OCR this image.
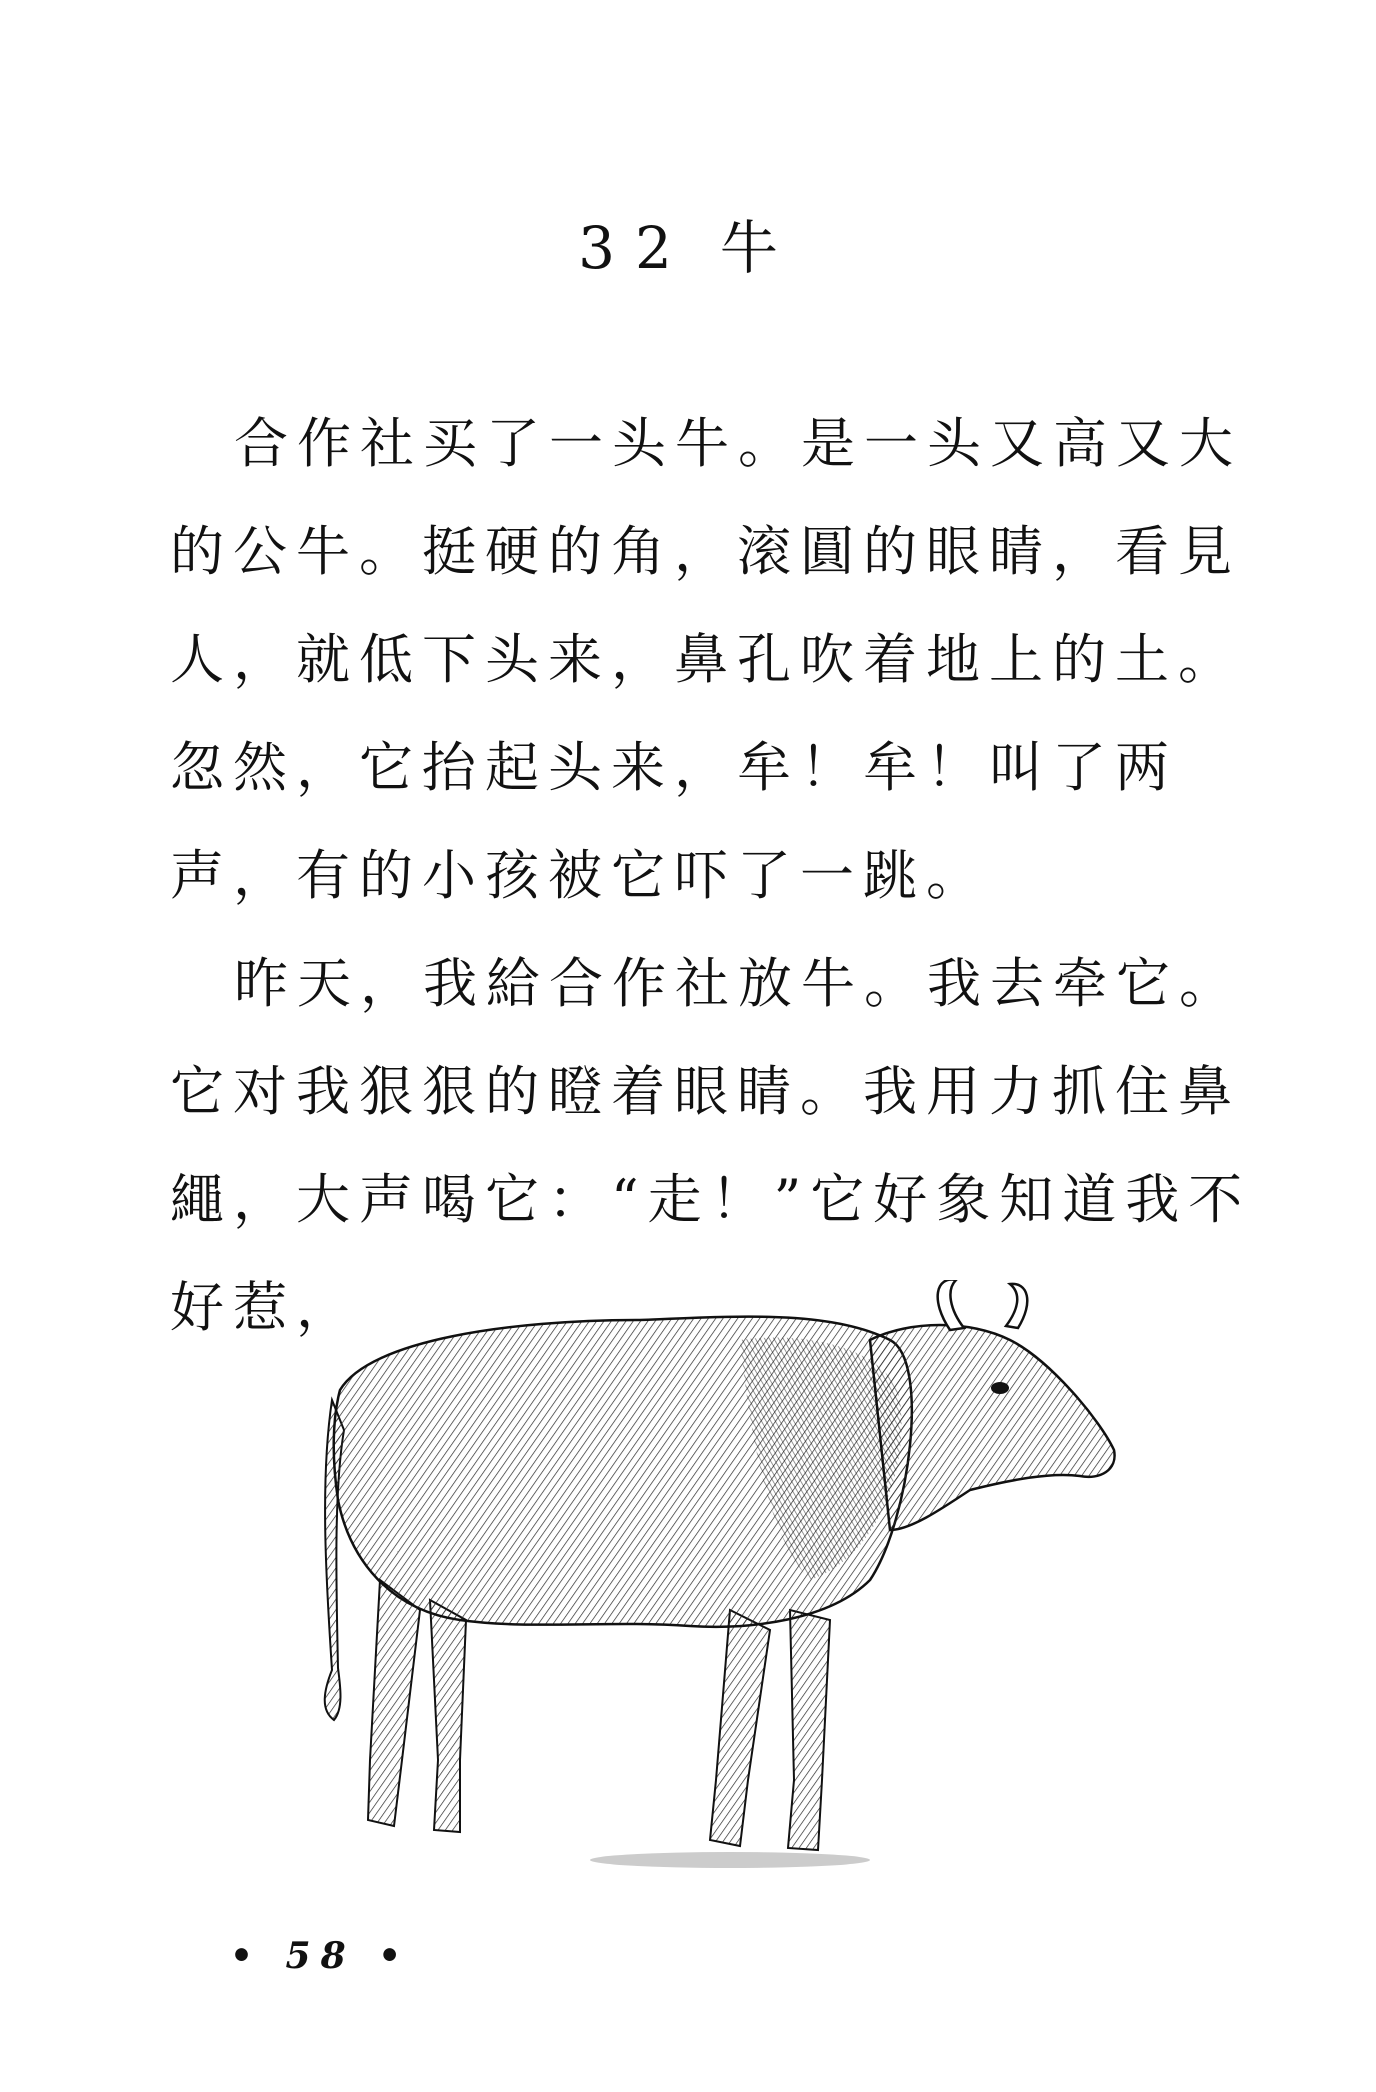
32 牛

合作社买了一头牛。是一头又高又大的公牛。挺硬的角，滚圓的眼睛，看見人，就低下头来，鼻孔吹着地上的土。忽然，它抬起头来，牟！牟！叫了两声，有的小孩被它吓了一跳。

昨天，我給合作社放牛。我去牵它。它对我狠狠的瞪着眼睛。我用力抓住鼻繩，大声喝它：“走！”它好象知道我不好惹，

• 58 •
